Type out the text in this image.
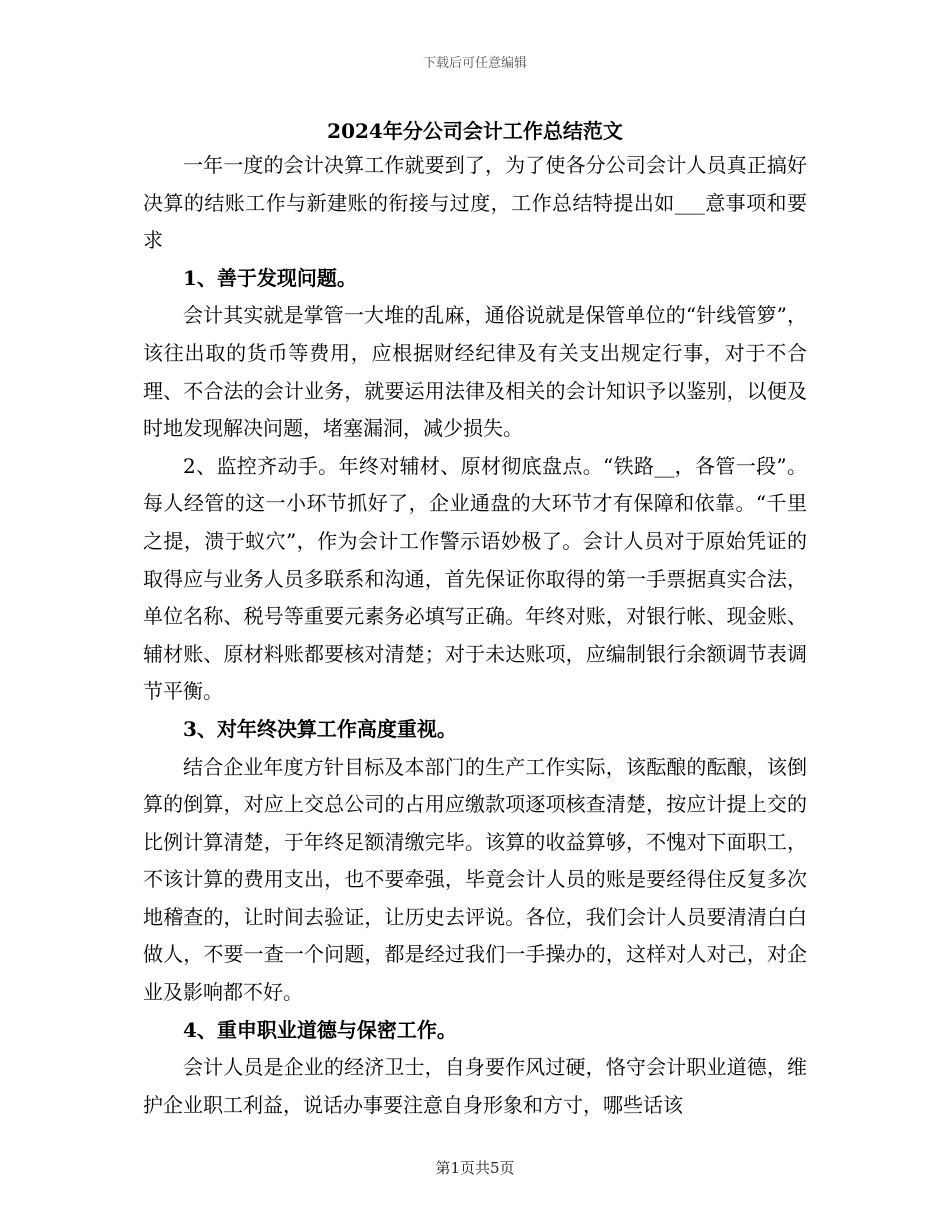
下载后可任意编辑
2024年分公司会计工作总结范文

一年一度的会计决算工作就要到了，为了使各分公司会计人员真正搞好决算的结账工作与新建账的衔接与过度，工作总结特提出如___意事项和要求

1、善于发现问题。

会计其实就是掌管一大堆的乱麻，通俗说就是保管单位的“针线管箩”，该往出取的货币等费用，应根据财经纪律及有关支出规定行事，对于不合理、不合法的会计业务，就要运用法律及相关的会计知识予以鉴别，以便及时地发现解决问题，堵塞漏洞，减少损失。

2、监控齐动手。年终对辅材、原材彻底盘点。“铁路__，各管一段”。每人经管的这一小环节抓好了，企业通盘的大环节才有保障和依靠。“千里之提，溃于蚁穴”，作为会计工作警示语妙极了。会计人员对于原始凭证的取得应与业务人员多联系和沟通，首先保证你取得的第一手票据真实合法，单位名称、税号等重要元素务必填写正确。年终对账，对银行帐、现金账、辅材账、原材料账都要核对清楚；对于未达账项，应编制银行余额调节表调节平衡。

3、对年终决算工作高度重视。

结合企业年度方针目标及本部门的生产工作实际，该酝酿的酝酿，该倒算的倒算，对应上交总公司的占用应缴款项逐项核查清楚，按应计提上交的比例计算清楚，于年终足额清缴完毕。该算的收益算够，不愧对下面职工，不该计算的费用支出，也不要牵强，毕竟会计人员的账是要经得住反复多次地稽查的，让时间去验证，让历史去评说。各位，我们会计人员要清清白白做人，不要一查一个问题，都是经过我们一手操办的，这样对人对己，对企业及影响都不好。

4、重申职业道德与保密工作。

会计人员是企业的经济卫士，自身要作风过硬，恪守会计职业道德，维护企业职工利益，说话办事要注意自身形象和方寸，哪些话该

第1页共5页
